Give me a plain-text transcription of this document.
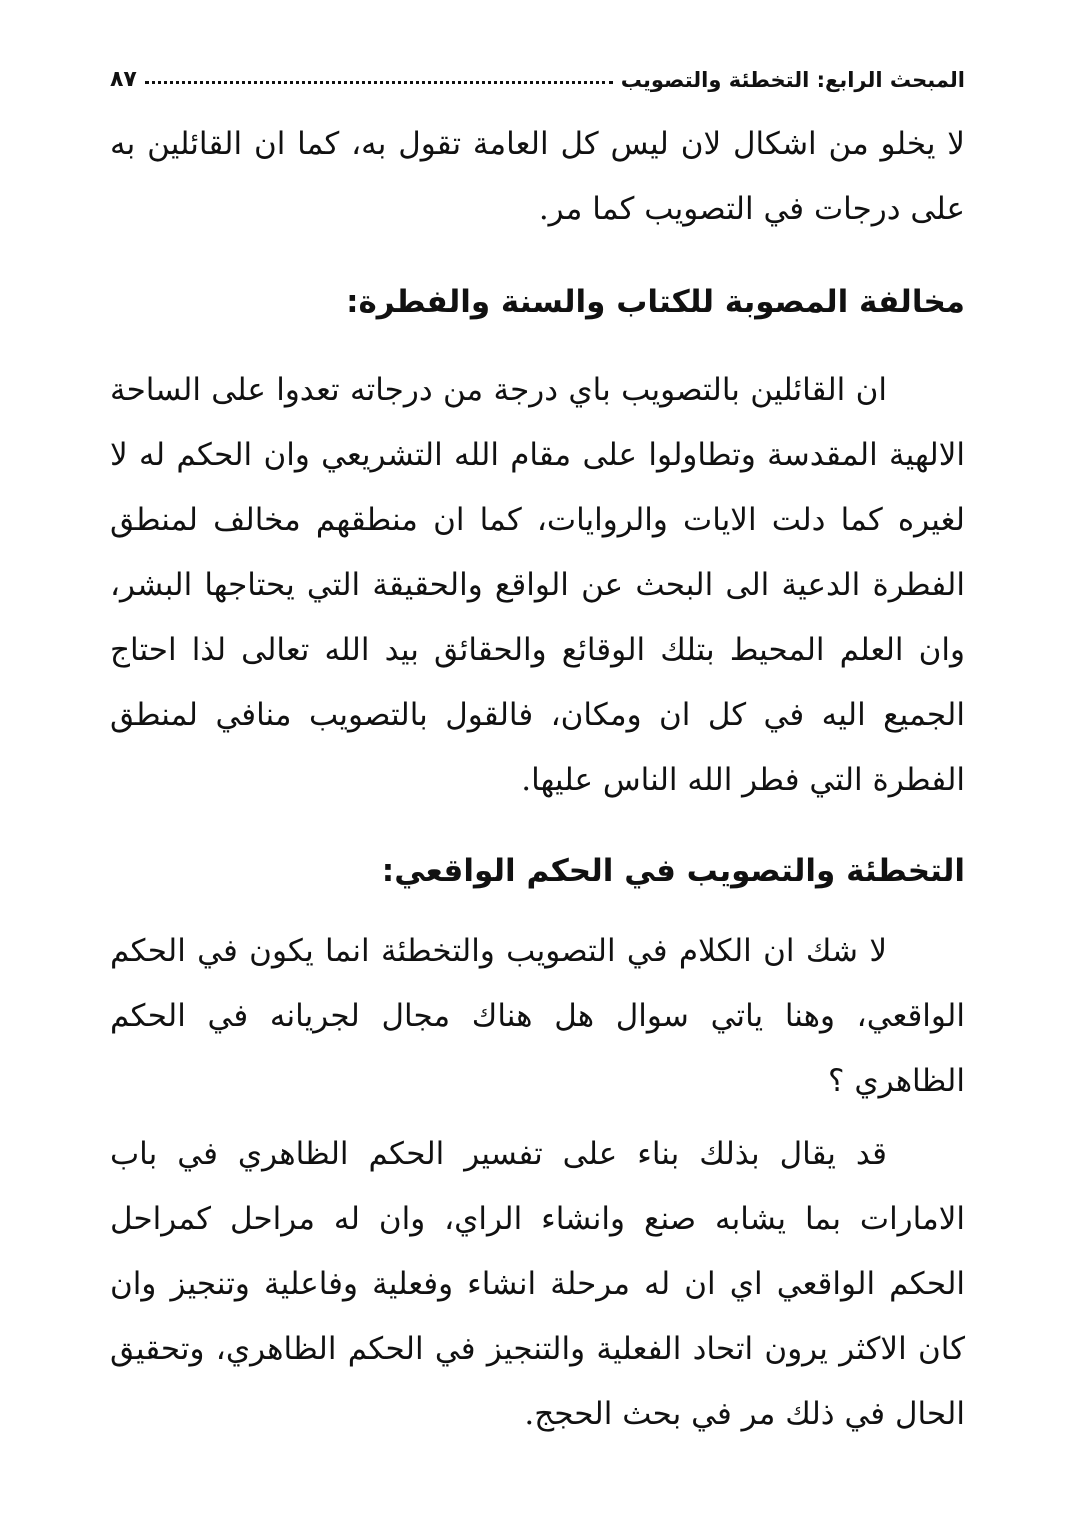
المبحث الرابع: التخطئة والتصويب
٨٧

لا يخلو من اشكال لان ليس كل العامة تقول به، كما ان القائلين به على درجات في التصويب كما مر.

مخالفة المصوبة للكتاب والسنة والفطرة:

ان القائلين بالتصويب باي درجة من درجاته تعدوا على الساحة الالهية المقدسة وتطاولوا على مقام الله التشريعي وان الحكم له لا لغيره كما دلت الايات والروايات، كما ان منطقهم مخالف لمنطق الفطرة الدعية الى البحث عن الواقع والحقيقة التي يحتاجها البشر، وان العلم المحيط بتلك الوقائع والحقائق بيد الله تعالى لذا احتاج الجميع اليه في كل ان ومكان، فالقول بالتصويب منافي لمنطق الفطرة التي فطر الله الناس عليها.

التخطئة والتصويب في الحكم الواقعي:

لا شك ان الكلام في التصويب والتخطئة انما يكون في الحكم الواقعي، وهنا ياتي سوال هل هناك مجال لجريانه في الحكم الظاهري ؟

قد يقال بذلك بناء على تفسير الحكم الظاهري في باب الامارات بما يشابه صنع وانشاء الراي، وان له مراحل كمراحل الحكم الواقعي اي ان له مرحلة انشاء وفعلية وفاعلية وتنجيز وان كان الاكثر يرون اتحاد الفعلية والتنجيز في الحكم الظاهري، وتحقيق الحال في ذلك مر في بحث الحجج.
